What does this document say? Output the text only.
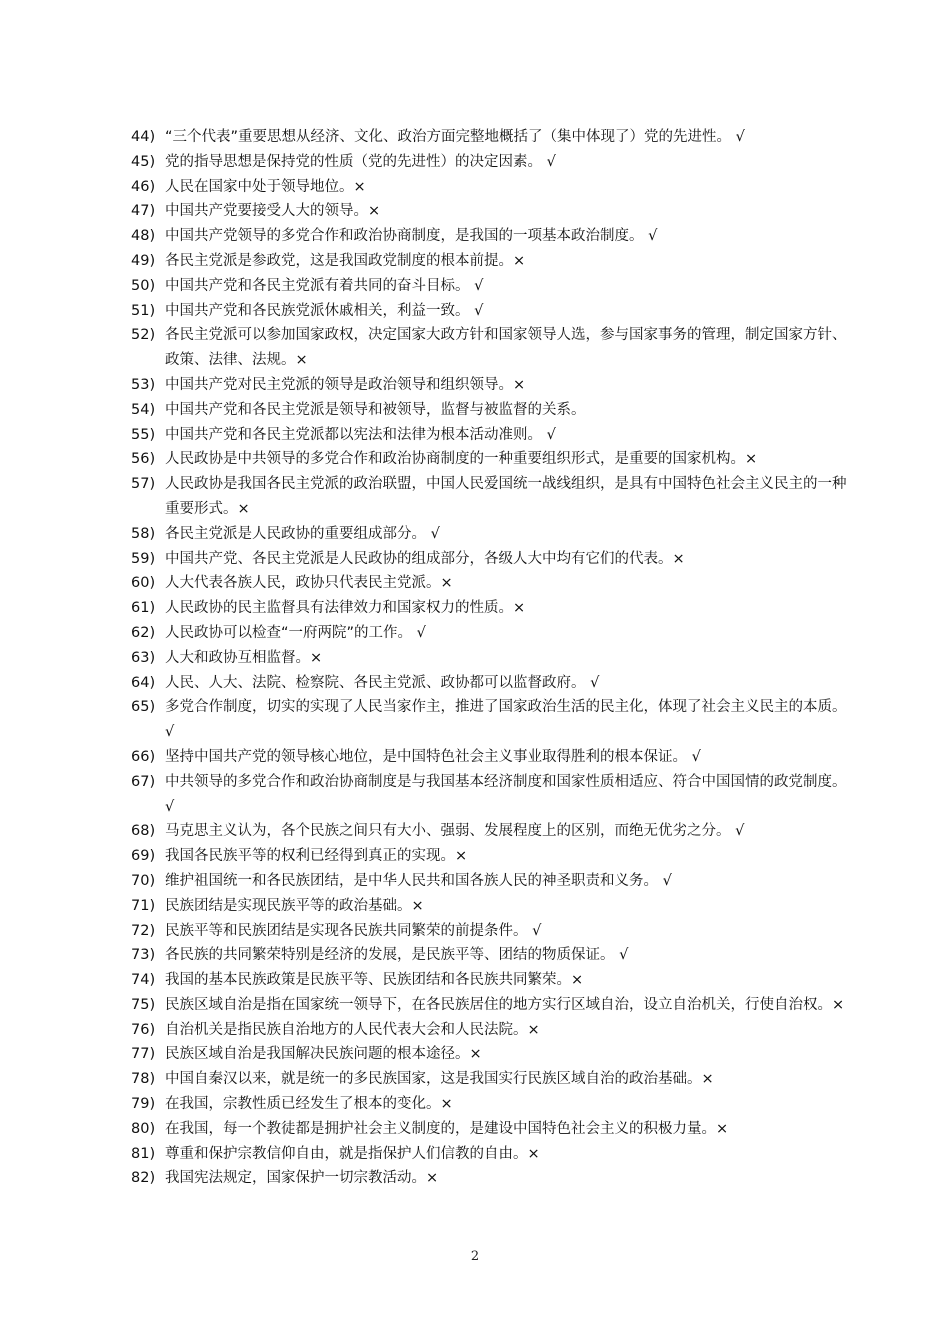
44) “三个代表”重要思想从经济、文化、政治方面完整地概括了（集中体现了）党的先进性。 √
45) 党的指导思想是保持党的性质（党的先进性）的决定因素。 √
46) 人民在国家中处于领导地位。×
47) 中国共产党要接受人大的领导。×
48) 中国共产党领导的多党合作和政治协商制度，是我国的一项基本政治制度。 √
49) 各民主党派是参政党，这是我国政党制度的根本前提。×
50) 中国共产党和各民主党派有着共同的奋斗目标。 √
51) 中国共产党和各民族党派休戚相关，利益一致。 √
52) 各民主党派可以参加国家政权，决定国家大政方针和国家领导人选，参与国家事务的管理，制定国家方针、政策、法律、法规。×
53) 中国共产党对民主党派的领导是政治领导和组织领导。×
54) 中国共产党和各民主党派是领导和被领导，监督与被监督的关系。
55) 中国共产党和各民主党派都以宪法和法律为根本活动准则。 √
56) 人民政协是中共领导的多党合作和政治协商制度的一种重要组织形式，是重要的国家机构。×
57) 人民政协是我国各民主党派的政治联盟，中国人民爱国统一战线组织，是具有中国特色社会主义民主的一种重要形式。×
58) 各民主党派是人民政协的重要组成部分。 √
59) 中国共产党、各民主党派是人民政协的组成部分，各级人大中均有它们的代表。×
60) 人大代表各族人民，政协只代表民主党派。×
61) 人民政协的民主监督具有法律效力和国家权力的性质。×
62) 人民政协可以检查“一府两院”的工作。 √
63) 人大和政协互相监督。×
64) 人民、人大、法院、检察院、各民主党派、政协都可以监督政府。 √
65) 多党合作制度，切实的实现了人民当家作主，推进了国家政治生活的民主化，体现了社会主义民主的本质。 √
66) 坚持中国共产党的领导核心地位，是中国特色社会主义事业取得胜利的根本保证。 √
67) 中共领导的多党合作和政治协商制度是与我国基本经济制度和国家性质相适应、符合中国国情的政党制度。 √
68) 马克思主义认为，各个民族之间只有大小、强弱、发展程度上的区别，而绝无优劣之分。 √
69) 我国各民族平等的权利已经得到真正的实现。×
70) 维护祖国统一和各民族团结，是中华人民共和国各族人民的神圣职责和义务。 √
71) 民族团结是实现民族平等的政治基础。×
72) 民族平等和民族团结是实现各民族共同繁荣的前提条件。 √
73) 各民族的共同繁荣特别是经济的发展，是民族平等、团结的物质保证。 √
74) 我国的基本民族政策是民族平等、民族团结和各民族共同繁荣。×
75) 民族区域自治是指在国家统一领导下，在各民族居住的地方实行区域自治，设立自治机关，行使自治权。×
76) 自治机关是指民族自治地方的人民代表大会和人民法院。×
77) 民族区域自治是我国解决民族问题的根本途径。×
78) 中国自秦汉以来，就是统一的多民族国家，这是我国实行民族区域自治的政治基础。×
79) 在我国，宗教性质已经发生了根本的变化。×
80) 在我国，每一个教徒都是拥护社会主义制度的，是建设中国特色社会主义的积极力量。×
81) 尊重和保护宗教信仰自由，就是指保护人们信教的自由。×
82) 我国宪法规定，国家保护一切宗教活动。×
2
